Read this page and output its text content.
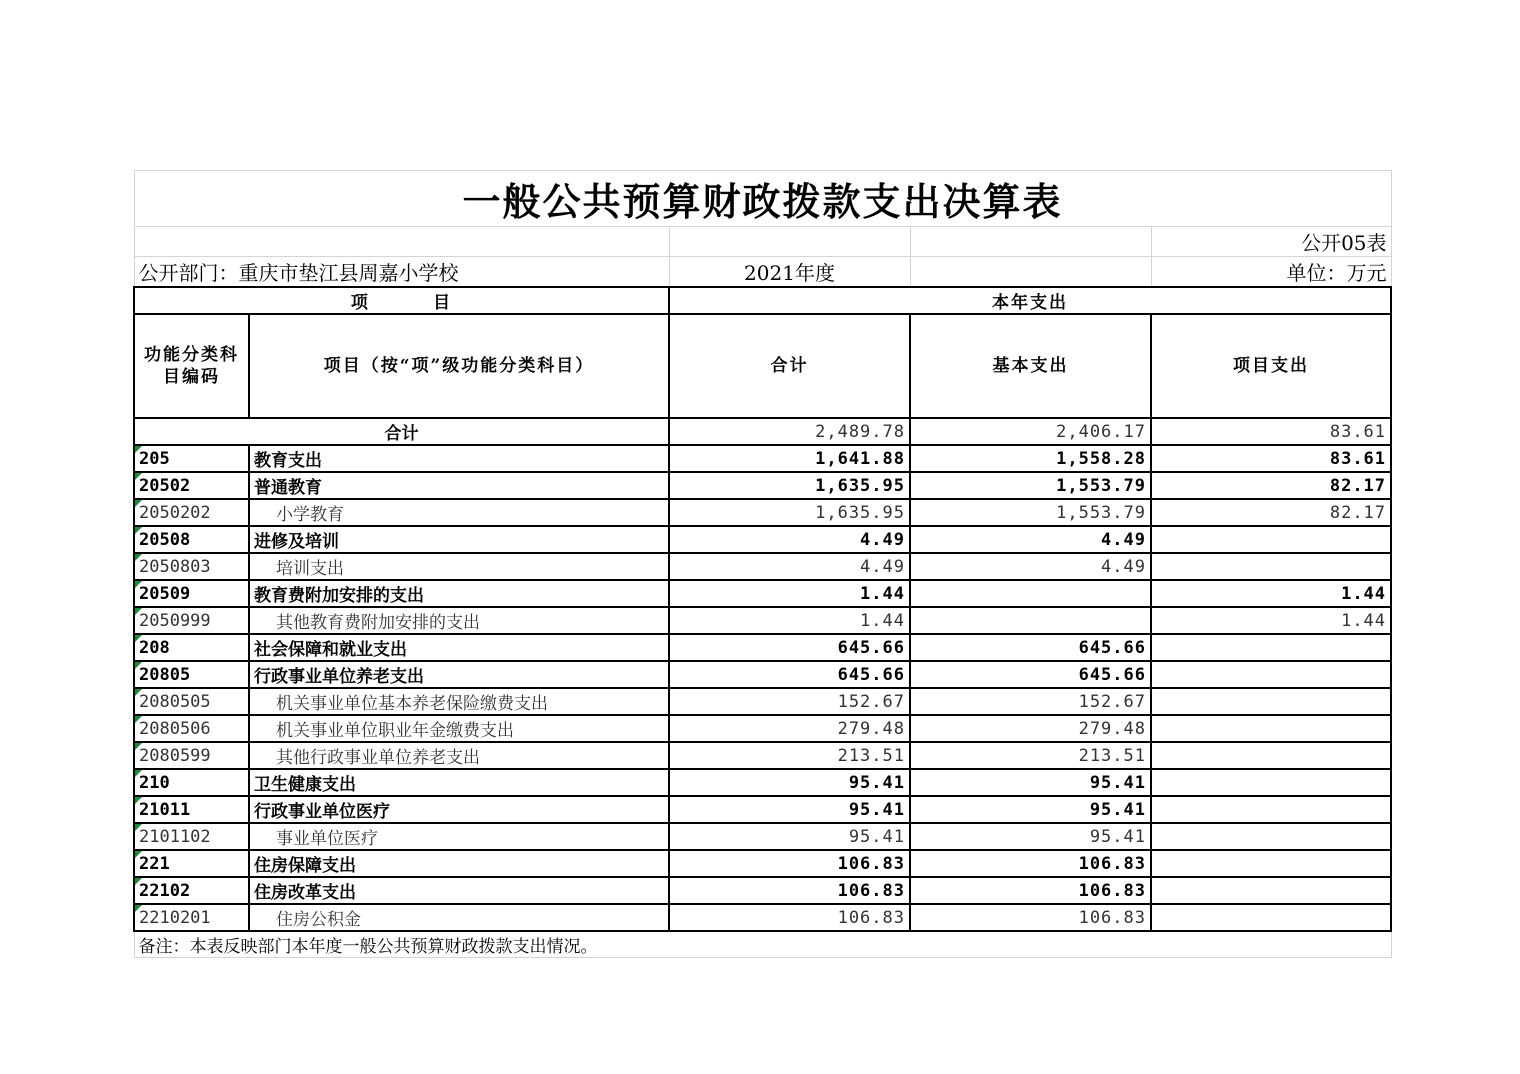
一般公共预算财政拨款支出决算表				
				公开05表
公开部门：重庆市垫江县周嘉小学校		2021年度		单位：万元
项        目		本年支出		
功能分类科目编码	项目（按“项”级功能分类科目）	合计	基本支出	项目支出
合计		2,489.78	2,406.17	83.61
205	教育支出	1,641.88	1,558.28	83.61
20502	普通教育	1,635.95	1,553.79	82.17
2050202	小学教育	1,635.95	1,553.79	82.17
20508	进修及培训	4.49	4.49	
2050803	培训支出	4.49	4.49	
20509	教育费附加安排的支出	1.44		1.44
2050999	其他教育费附加安排的支出	1.44		1.44
208	社会保障和就业支出	645.66	645.66	
20805	行政事业单位养老支出	645.66	645.66	
2080505	机关事业单位基本养老保险缴费支出	152.67	152.67	
2080506	机关事业单位职业年金缴费支出	279.48	279.48	
2080599	其他行政事业单位养老支出	213.51	213.51	
210	卫生健康支出	95.41	95.41	
21011	行政事业单位医疗	95.41	95.41	
2101102	事业单位医疗	95.41	95.41	
221	住房保障支出	106.83	106.83	
22102	住房改革支出	106.83	106.83	
2210201	住房公积金	106.83	106.83	
备注：本表反映部门本年度一般公共预算财政拨款支出情况。				
